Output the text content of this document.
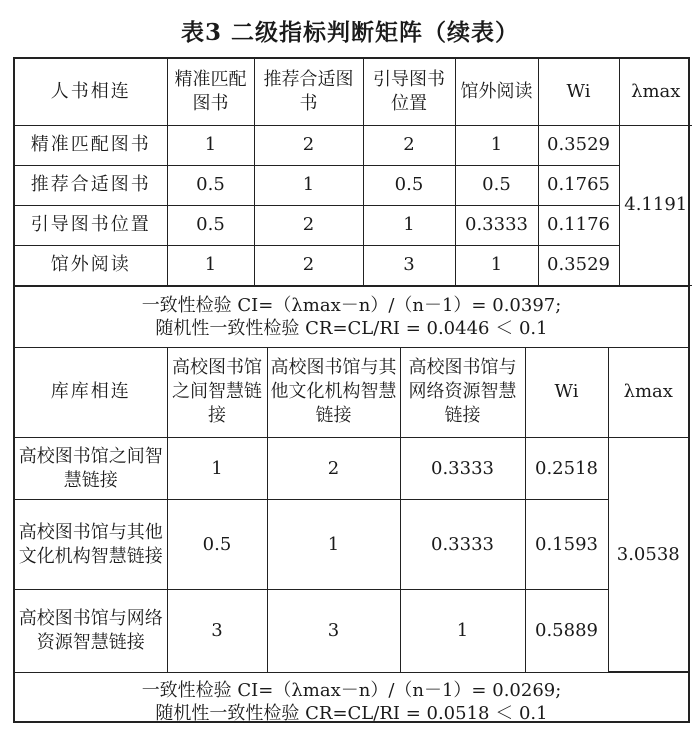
表3 二级指标判断矩阵（续表）
人书相连	精准匹配图书	推荐合适图书	引导图书位置	馆外阅读	Wi	λmax
精准匹配图书	1	2	2	1	0.3529	4.1191
推荐合适图书	0.5	1	0.5	0.5	0.1765	
引导图书位置	0.5	2	1	0.3333	0.1176	
馆外阅读	1	2	3	1	0.3529	
一致性检验 CI=（λmax－n）/（n－1）= 0.0397;
随机性一致性检验 CR=CL/RI = 0.0446 ＜ 0.1
库库相连	高校图书馆之间智慧链接	高校图书馆与其他文化机构智慧链接	高校图书馆与网络资源智慧链接	Wi	λmax
高校图书馆之间智慧链接	1	2	0.3333	0.2518	3.0538
高校图书馆与其他文化机构智慧链接	0.5	1	0.3333	0.1593	
高校图书馆与网络资源智慧链接	3	3	1	0.5889	
一致性检验 CI=（λmax－n）/（n－1）= 0.0269;
随机性一致性检验 CR=CL/RI = 0.0518 ＜ 0.1
